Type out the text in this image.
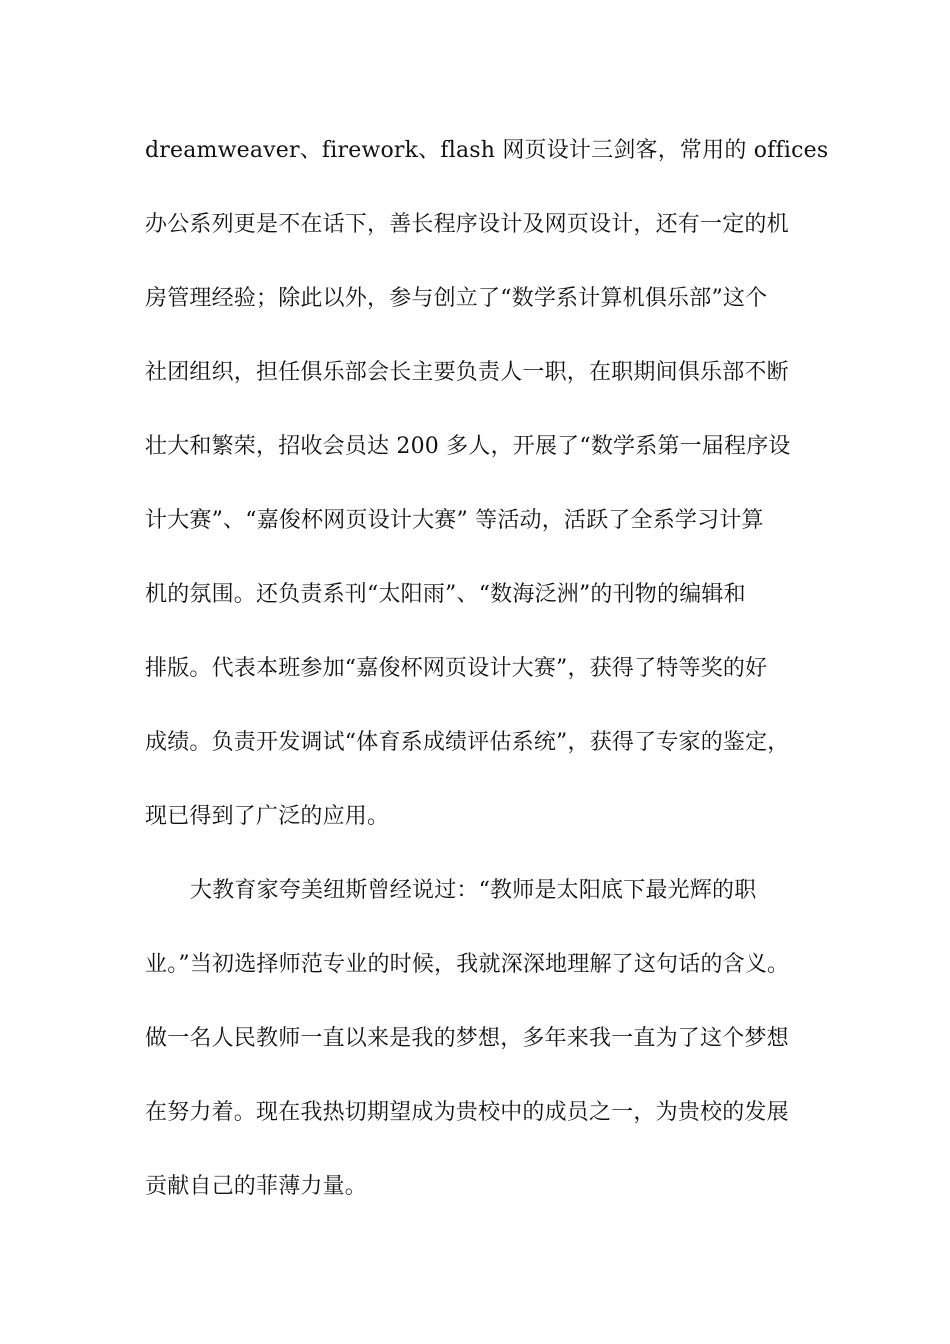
dreamweaver、firework、flash 网页设计三剑客，常用的 offices
办公系列更是不在话下，善长程序设计及网页设计，还有一定的机
房管理经验；除此以外，参与创立了“数学系计算机俱乐部”这个
社团组织，担任俱乐部会长主要负责人一职，在职期间俱乐部不断
壮大和繁荣，招收会员达 200 多人，开展了“数学系第一届程序设
计大赛”、“嘉俊杯网页设计大赛” 等活动，活跃了全系学习计算
机的氛围。还负责系刊“太阳雨”、“数海泛洲”的刊物的编辑和
排版。代表本班参加“嘉俊杯网页设计大赛”，获得了特等奖的好
成绩。负责开发调试“体育系成绩评估系统”，获得了专家的鉴定，
现已得到了广泛的应用。
大教育家夸美纽斯曾经说过：“教师是太阳底下最光辉的职
业。”当初选择师范专业的时候，我就深深地理解了这句话的含义。
做一名人民教师一直以来是我的梦想，多年来我一直为了这个梦想
在努力着。现在我热切期望成为贵校中的成员之一，为贵校的发展
贡献自己的菲薄力量。
